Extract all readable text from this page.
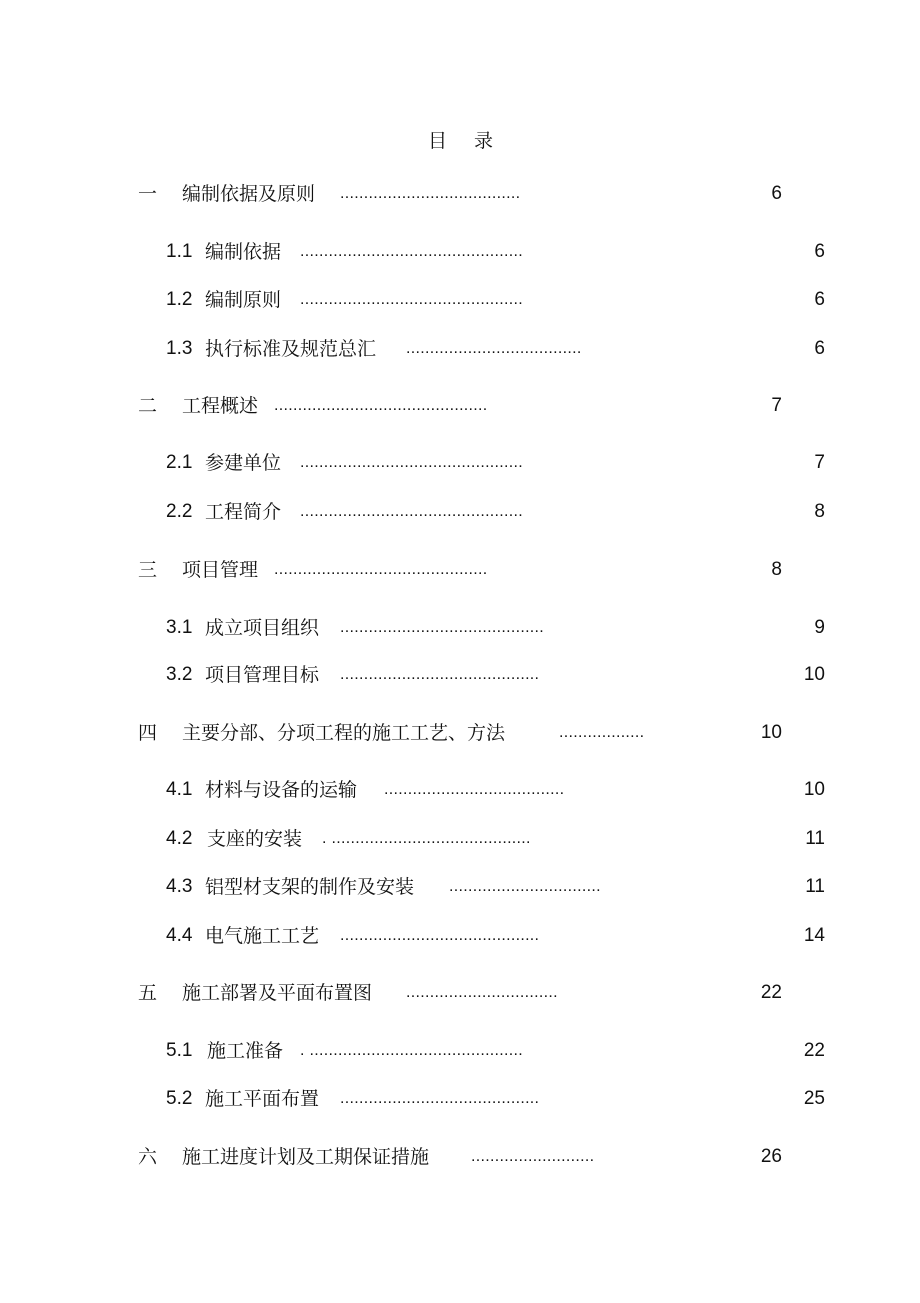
目 录
一 编制依据及原则 ......................................	6
1.1 编制依据 ...............................................	6
1.2 编制原则 ...............................................	6
1.3 执行标准及规范总汇 .....................................	6
二 工程概述 .............................................	7
2.1 参建单位 ...............................................	7
2.2 工程简介 ...............................................	8
三 项目管理 .............................................	8
3.1 成立项目组织 ...........................................	9
3.2 项目管理目标 ..........................................	10
四 主要分部、分项工程的施工工艺、方法	..................	10
4.1 材料与设备的运输 ......................................	10
4.2 支座的安装 . ..........................................	11
4.3 铝型材支架的制作及安装 ................................	11
4.4 电气施工工艺 ..........................................	14
五 施工部署及平面布置图 ................................	22
5.1 施工准备 . .............................................	22
5.2 施工平面布置 ..........................................	25
六 施工进度计划及工期保证措施	..........................	26
